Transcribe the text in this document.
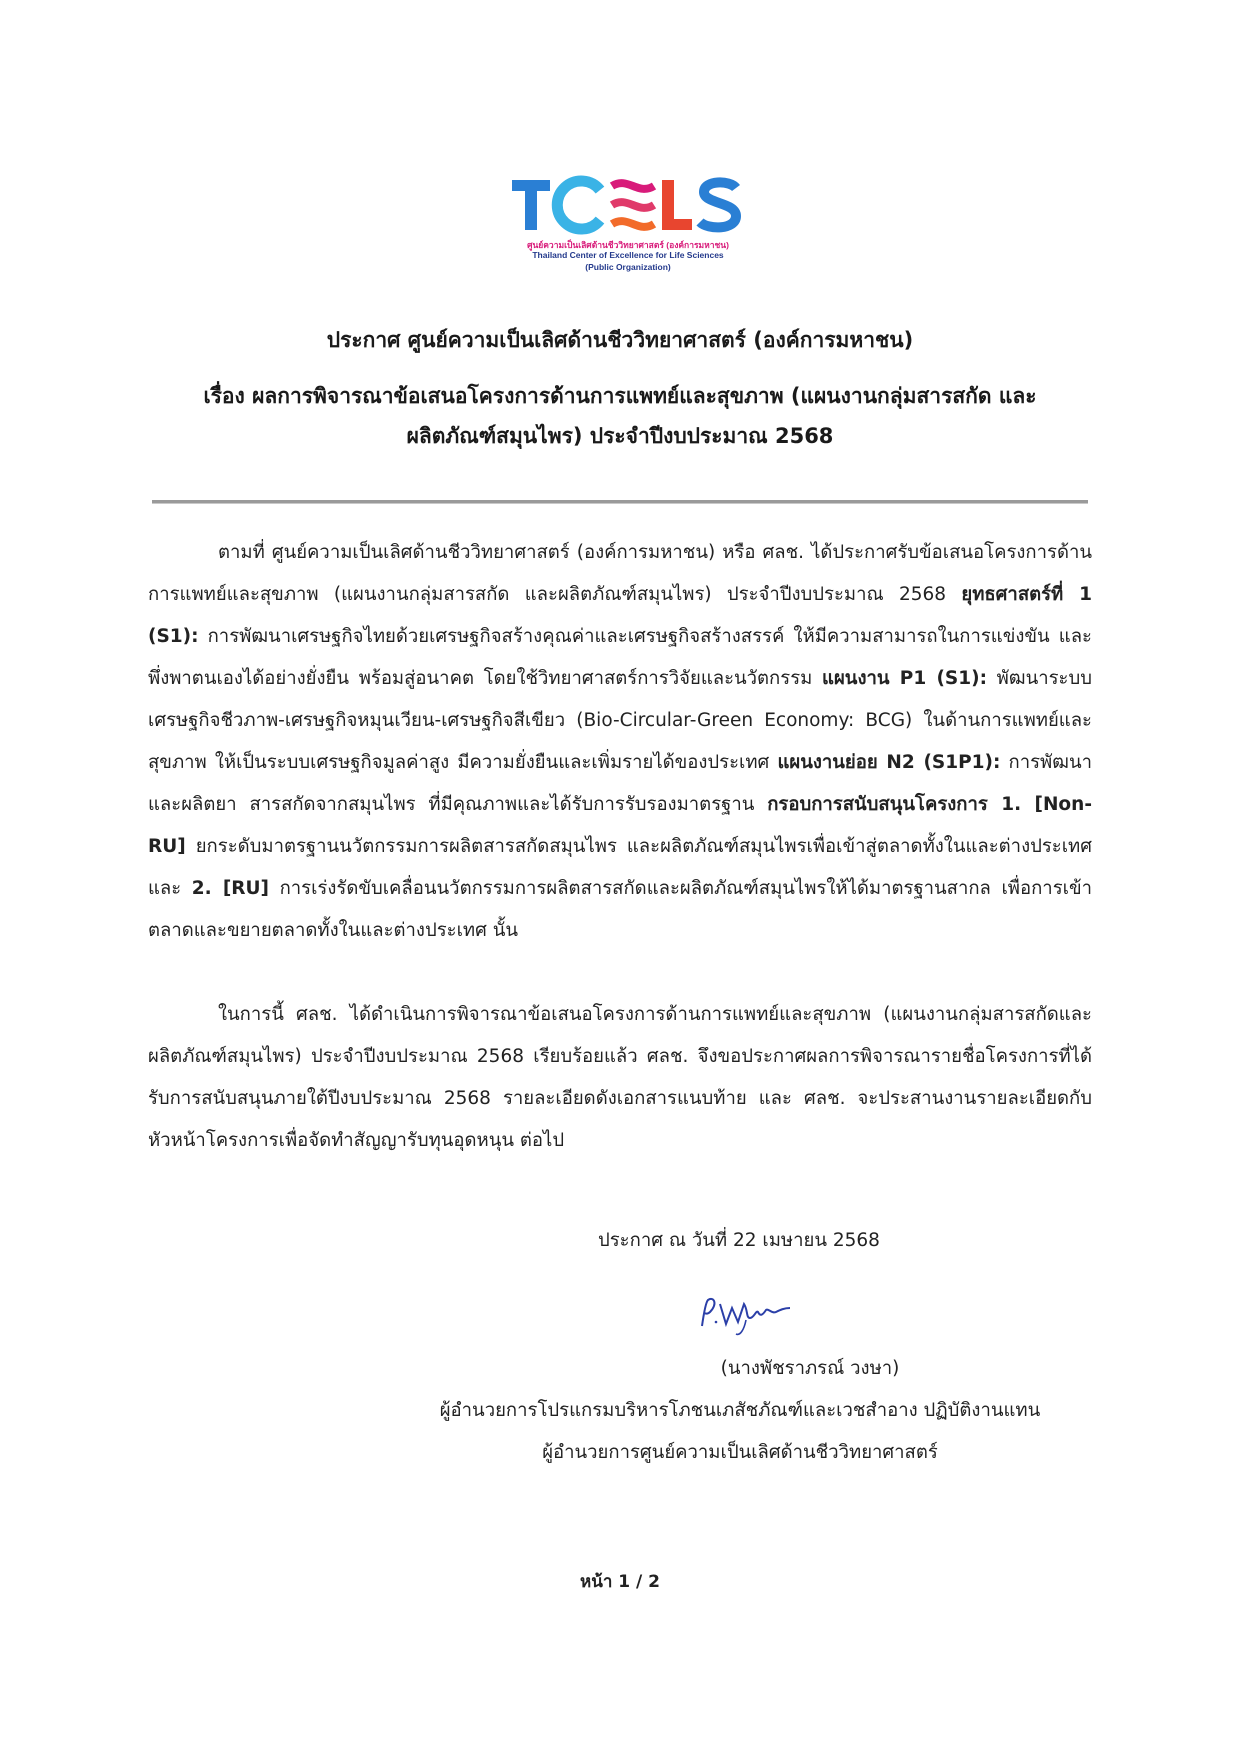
ศูนย์ความเป็นเลิศด้านชีววิทยาศาสตร์ (องค์การมหาชน)
Thailand Center of Excellence for Life Sciences
(Public Organization)
ประกาศ ศูนย์ความเป็นเลิศด้านชีววิทยาศาสตร์ (องค์การมหาชน)
เรื่อง ผลการพิจารณาข้อเสนอโครงการด้านการแพทย์และสุขภาพ (แผนงานกลุ่มสารสกัด และ
ผลิตภัณฑ์สมุนไพร) ประจำปีงบประมาณ 2568
ตามที่ ศูนย์ความเป็นเลิศด้านชีววิทยาศาสตร์ (องค์การมหาชน) หรือ ศลช. ได้ประกาศรับข้อเสนอโครงการด้านการแพทย์และสุขภาพ (แผนงานกลุ่มสารสกัด และผลิตภัณฑ์สมุนไพร) ประจำปีงบประมาณ 2568 ยุทธศาสตร์ที่ 1 (S1): การพัฒนาเศรษฐกิจไทยด้วยเศรษฐกิจสร้างคุณค่าและเศรษฐกิจสร้างสรรค์ ให้มีความสามารถในการแข่งขัน และพึ่งพาตนเองได้อย่างยั่งยืน พร้อมสู่อนาคต โดยใช้วิทยาศาสตร์การวิจัยและนวัตกรรม แผนงาน P1 (S1): พัฒนาระบบเศรษฐกิจชีวภาพ-เศรษฐกิจหมุนเวียน-เศรษฐกิจสีเขียว (Bio-Circular-Green Economy: BCG) ในด้านการแพทย์และสุขภาพ ให้เป็นระบบเศรษฐกิจมูลค่าสูง มีความยั่งยืนและเพิ่มรายได้ของประเทศ แผนงานย่อย N2 (S1P1): การพัฒนาและผลิตยา สารสกัดจากสมุนไพร ที่มีคุณภาพและได้รับการรับรองมาตรฐาน กรอบการสนับสนุนโครงการ 1. [Non-RU] ยกระดับมาตรฐานนวัตกรรมการผลิตสารสกัดสมุนไพร และผลิตภัณฑ์สมุนไพรเพื่อเข้าสู่ตลาดทั้งในและต่างประเทศ และ 2. [RU] การเร่งรัดขับเคลื่อนนวัตกรรมการผลิตสารสกัดและผลิตภัณฑ์สมุนไพรให้ได้มาตรฐานสากล เพื่อการเข้าตลาดและขยายตลาดทั้งในและต่างประเทศ นั้น
ในการนี้ ศลช. ได้ดำเนินการพิจารณาข้อเสนอโครงการด้านการแพทย์และสุขภาพ (แผนงานกลุ่มสารสกัดและผลิตภัณฑ์สมุนไพร) ประจำปีงบประมาณ 2568 เรียบร้อยแล้ว ศลช. จึงขอประกาศผลการพิจารณารายชื่อโครงการที่ได้รับการสนับสนุนภายใต้ปีงบประมาณ 2568 รายละเอียดดังเอกสารแนบท้าย และ ศลช. จะประสานงานรายละเอียดกับหัวหน้าโครงการเพื่อจัดทำสัญญารับทุนอุดหนุน ต่อไป
ประกาศ ณ วันที่ 22 เมษายน 2568
(นางพัชราภรณ์ วงษา)
ผู้อำนวยการโปรแกรมบริหารโภชนเภสัชภัณฑ์และเวชสำอาง ปฏิบัติงานแทน
ผู้อำนวยการศูนย์ความเป็นเลิศด้านชีววิทยาศาสตร์
หน้า 1 / 2
